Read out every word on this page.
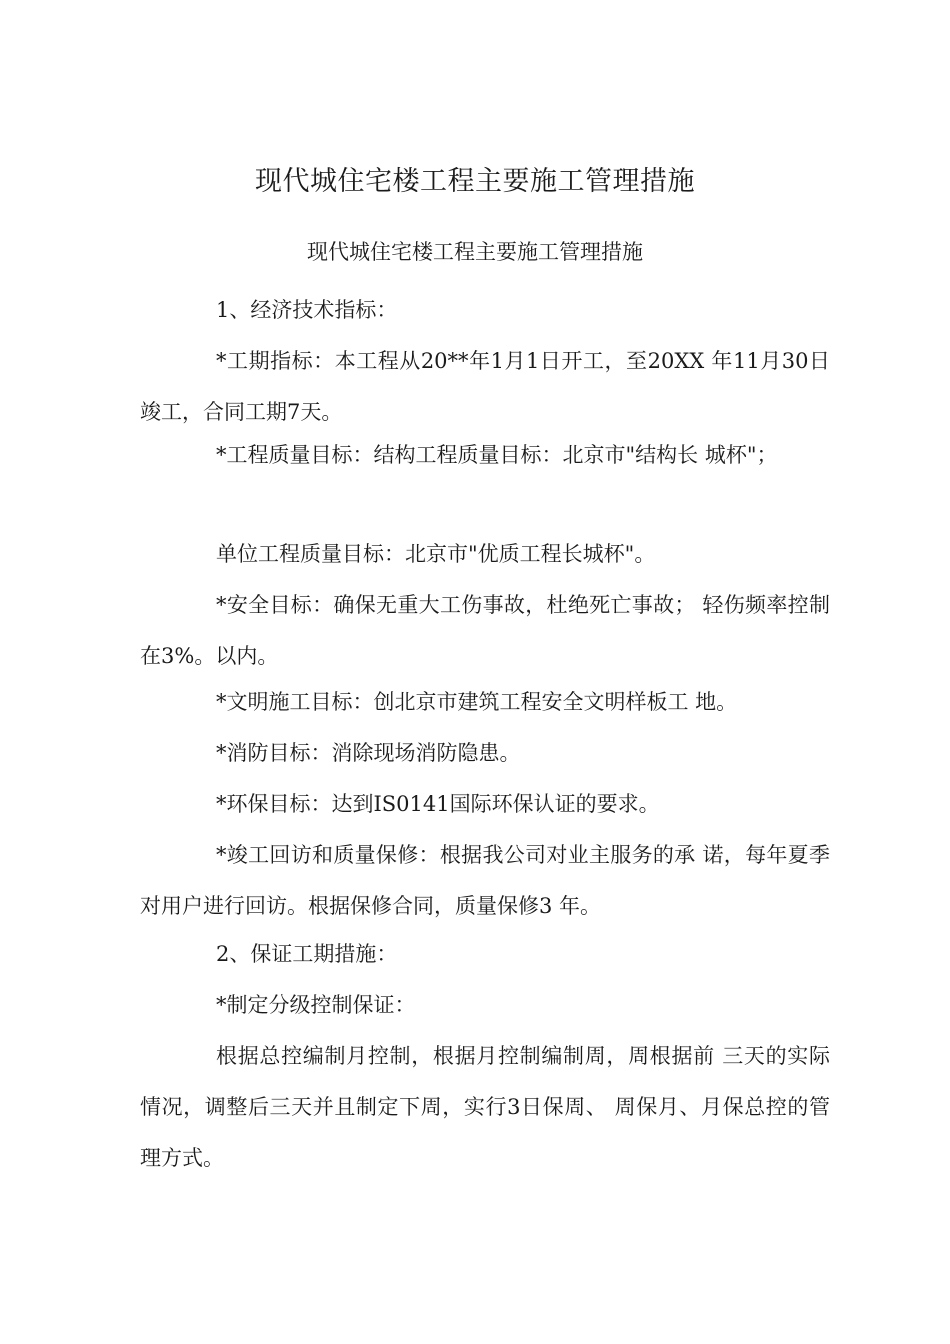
现代城住宅楼工程主要施工管理措施
现代城住宅楼工程主要施工管理措施

1、经济技术指标：

*工期指标：本工程从20**年1月1日开工，至20XX 年11月30日竣工，合同工期7天。

*工程质量目标：结构工程质量目标：北京市"结构长 城杯"；

单位工程质量目标：北京市"优质工程长城杯"。

*安全目标：确保无重大工伤事故，杜绝死亡事故； 轻伤频率控制在3%。以内。

*文明施工目标：创北京市建筑工程安全文明样板工 地。

*消防目标：消除现场消防隐患。

*环保目标：达到IS0141国际环保认证的要求。

*竣工回访和质量保修：根据我公司对业主服务的承 诺，每年夏季对用户进行回访。根据保修合同，质量保修3 年。

2、保证工期措施：

*制定分级控制保证：

根据总控编制月控制，根据月控制编制周，周根据前 三天的实际情况，调整后三天并且制定下周，实行3日保周、 周保月、月保总控的管理方式。
